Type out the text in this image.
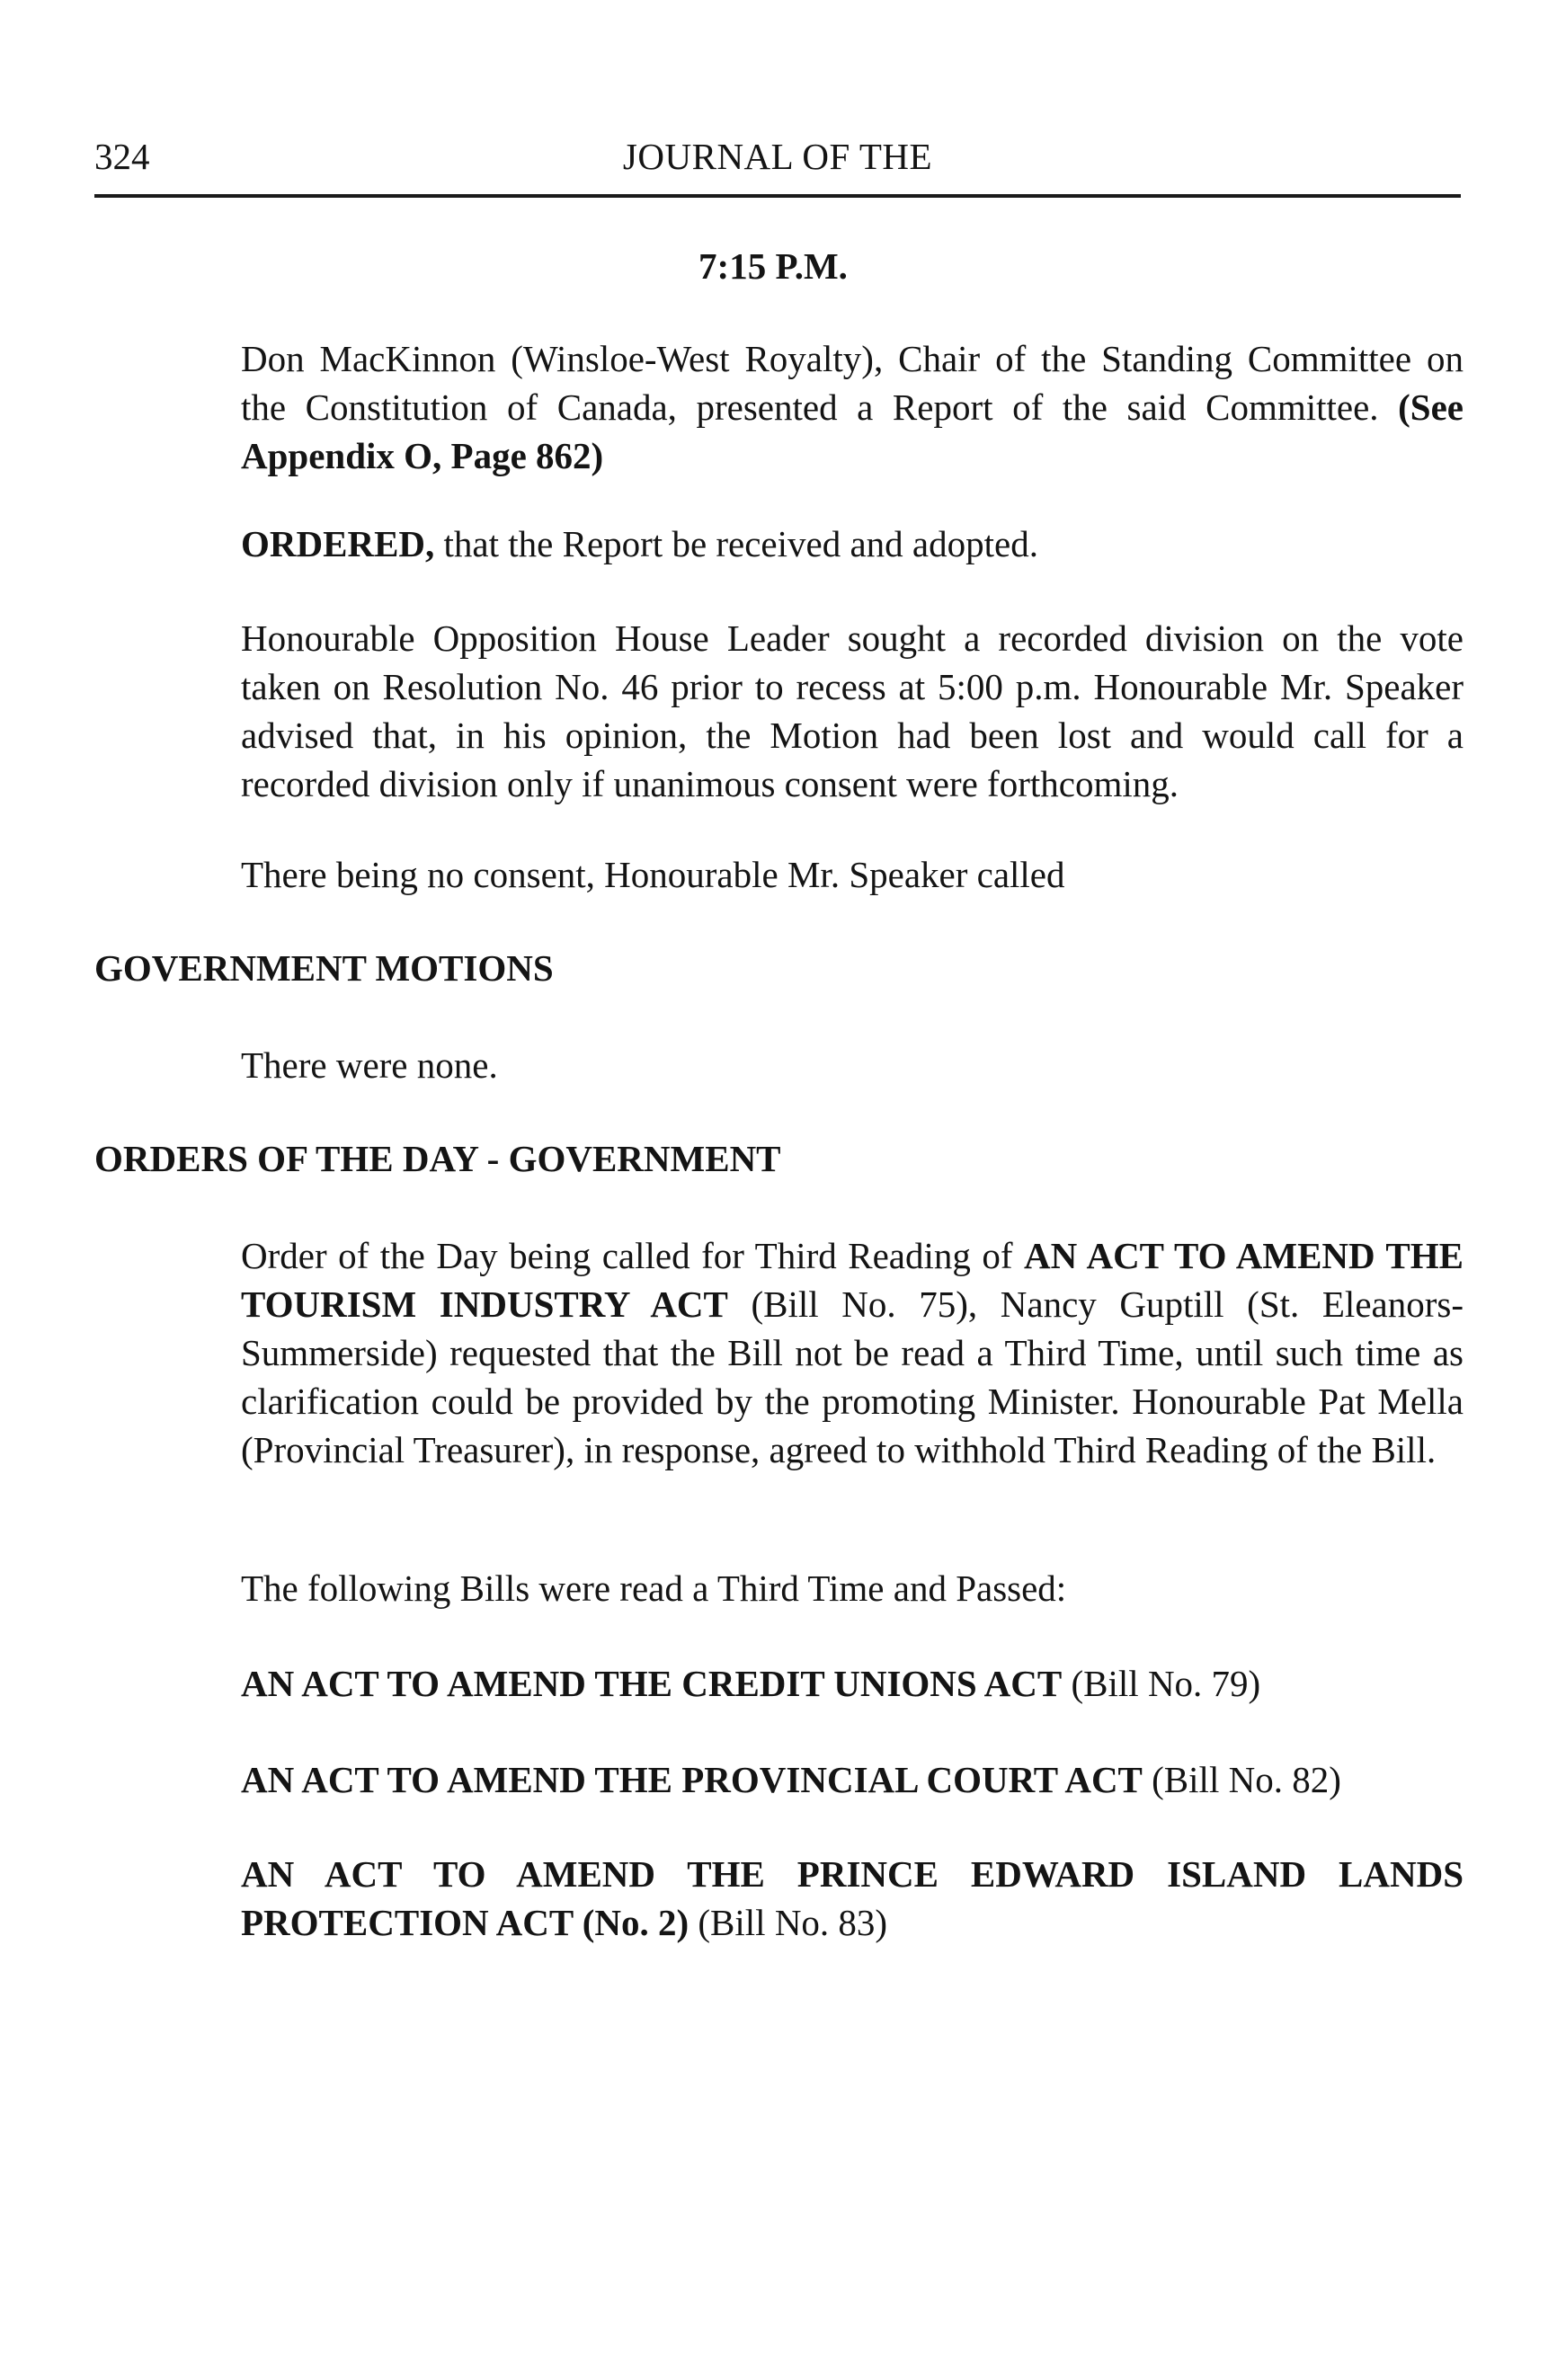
324	JOURNAL OF THE
7:15 P.M.

Don MacKinnon (Winsloe-West Royalty), Chair of the Standing Committee on the Constitution of Canada, presented a Report of the said Committee. (See Appendix O, Page 862)

ORDERED, that the Report be received and adopted.

Honourable Opposition House Leader sought a recorded division on the vote taken on Resolution No. 46 prior to recess at 5:00 p.m. Honourable Mr. Speaker advised that, in his opinion, the Motion had been lost and would call for a recorded division only if unanimous consent were forthcoming.

There being no consent, Honourable Mr. Speaker called

GOVERNMENT MOTIONS

There were none.

ORDERS OF THE DAY - GOVERNMENT

Order of the Day being called for Third Reading of AN ACT TO AMEND THE TOURISM INDUSTRY ACT (Bill No. 75), Nancy Guptill (St. Eleanors-Summerside) requested that the Bill not be read a Third Time, until such time as clarification could be provided by the promoting Minister. Honourable Pat Mella (Provincial Treasurer), in response, agreed to withhold Third Reading of the Bill.

The following Bills were read a Third Time and Passed:

AN ACT TO AMEND THE CREDIT UNIONS ACT (Bill No. 79)

AN ACT TO AMEND THE PROVINCIAL COURT ACT (Bill No. 82)

AN ACT TO AMEND THE PRINCE EDWARD ISLAND LANDS PROTECTION ACT (No. 2) (Bill No. 83)
